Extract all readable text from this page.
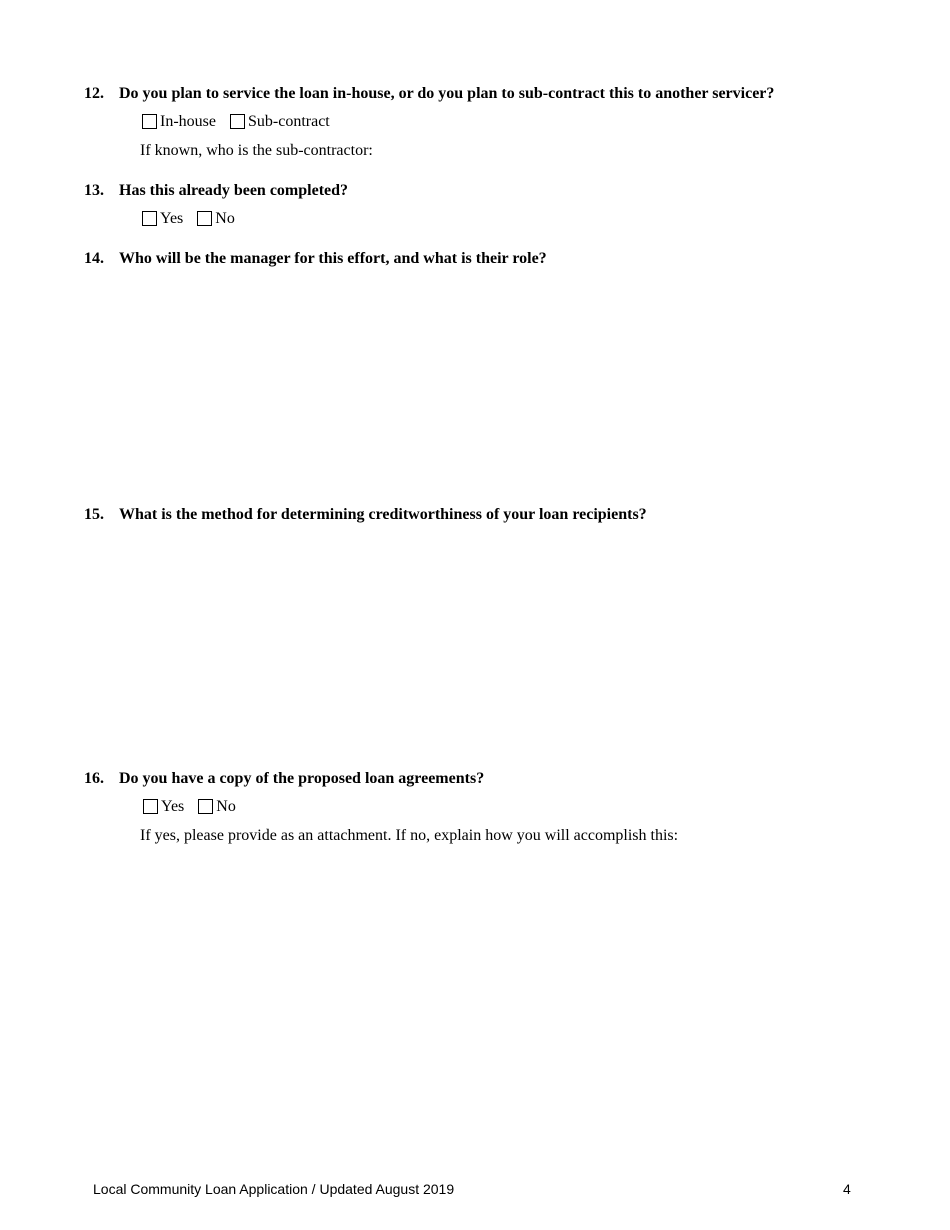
12. Do you plan to service the loan in-house, or do you plan to sub-contract this to another servicer?
In-house Sub-contract
If known, who is the sub-contractor:
13. Has this already been completed?
Yes No
14. Who will be the manager for this effort, and what is their role?
15. What is the method for determining creditworthiness of your loan recipients?
16. Do you have a copy of the proposed loan agreements?
Yes No
If yes, please provide as an attachment. If no, explain how you will accomplish this:
Local Community Loan Application / Updated August 2019	4
